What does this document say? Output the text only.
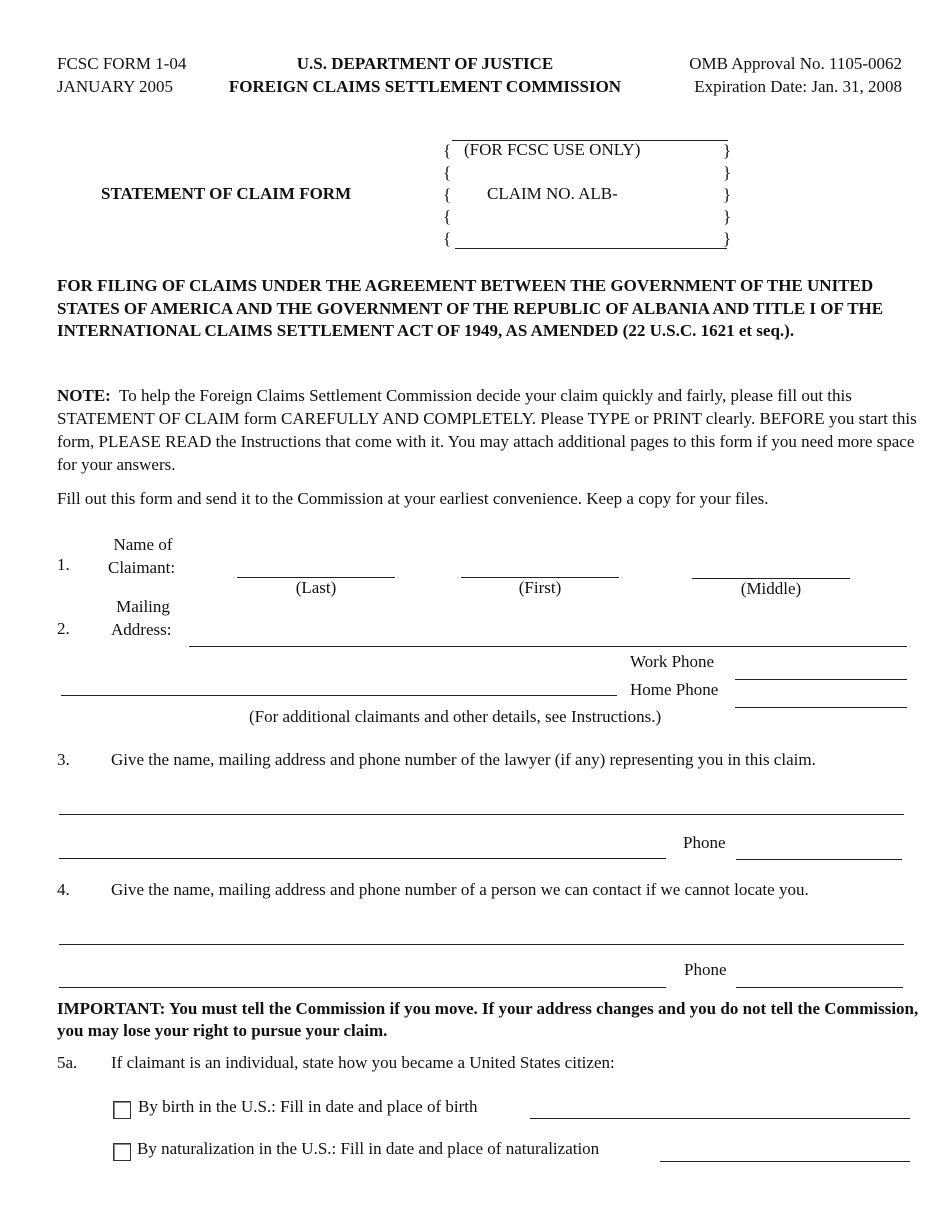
FCSC FORM 1-04
JANUARY 2005
U.S. DEPARTMENT OF JUSTICE
FOREIGN CLAIMS SETTLEMENT COMMISSION
OMB Approval No. 1105-0062
Expiration Date: Jan. 31, 2008
STATEMENT OF CLAIM FORM
{
{
{
{
{
}
}
}
}
}
(FOR FCSC USE ONLY)
CLAIM NO. ALB-
FOR FILING OF CLAIMS UNDER THE AGREEMENT BETWEEN THE GOVERNMENT OF THE UNITED STATES OF AMERICA AND THE GOVERNMENT OF THE REPUBLIC OF ALBANIA AND TITLE I OF THE INTERNATIONAL CLAIMS SETTLEMENT ACT OF 1949, AS AMENDED (22 U.S.C. 1621 et seq.).
NOTE: To help the Foreign Claims Settlement Commission decide your claim quickly and fairly, please fill out this STATEMENT OF CLAIM form CAREFULLY AND COMPLETELY. Please TYPE or PRINT clearly. BEFORE you start this form, PLEASE READ the Instructions that come with it. You may attach additional pages to this form if you need more space for your answers.
Fill out this form and send it to the Commission at your earliest convenience. Keep a copy for your files.
1.
Name of
Claimant:
(Last)	(First)	(Middle)
2.
Mailing
Address:
Work Phone
Home Phone
(For additional claimants and other details, see Instructions.)
3. Give the name, mailing address and phone number of the lawyer (if any) representing you in this claim.
Phone
4. Give the name, mailing address and phone number of a person we can contact if we cannot locate you.
Phone
IMPORTANT: You must tell the Commission if you move. If your address changes and you do not tell the Commission, you may lose your right to pursue your claim.
5a. If claimant is an individual, state how you became a United States citizen:
By birth in the U.S.: Fill in date and place of birth
By naturalization in the U.S.: Fill in date and place of naturalization
